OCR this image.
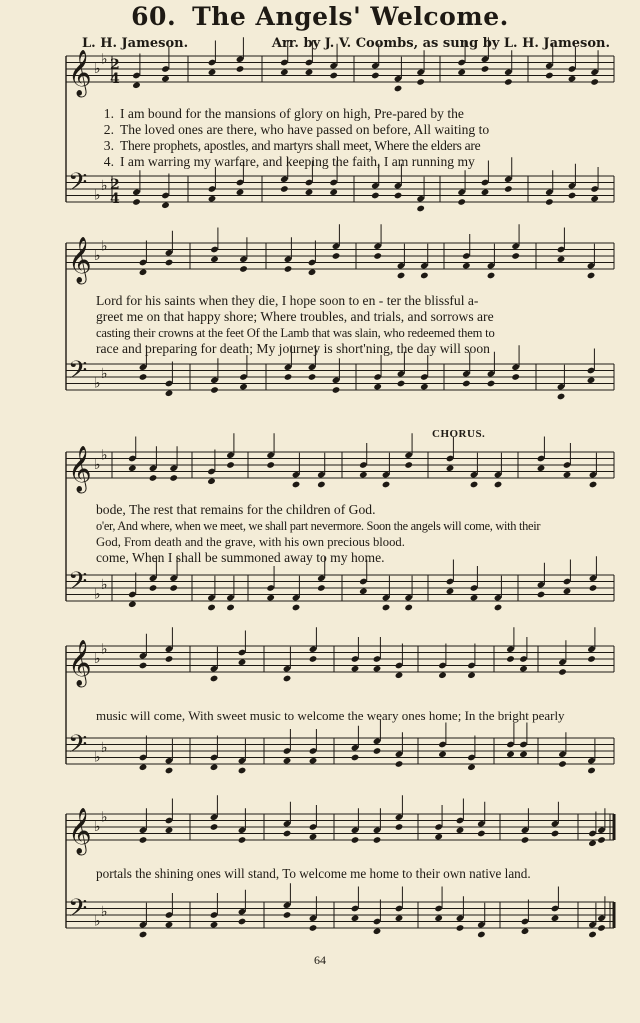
𝄞 ♭
♭ 2
4
𝄢 ♭
♭ 2
4
𝄞 ♭
♭
𝄢 ♭
♭
𝄞 ♭
♭
𝄢 ♭
♭
𝄞 ♭
♭
𝄢 ♭
♭
𝄞 ♭
♭
𝄢 ♭
♭
60. The Angels' Welcome.
L. H. Jameson.	Arr. by J. V. Coombs, as sung by L. H. Jameson.
1. I am bound for the mansions of glory on high, Pre-pared by the
2. The loved ones are there, who have passed on before, All waiting to
3. There prophets, apostles, and martyrs shall meet, Where the elders are
4. I am warring my warfare, and keeping the faith, I am running my
Lord for his saints when they die, I hope soon to en - ter the blissful a-
greet me on that happy shore; Where troubles, and trials, and sorrows are
casting their crowns at the feet Of the Lamb that was slain, who redeemed them to
race and preparing for death; My journey is short'ning, the day will soon
CHORUS.
bode, The rest that remains for the children of God.
o'er, And where, when we meet, we shall part nevermore. Soon the angels will come, with their
God, From death and the grave, with his own precious blood.
come, When I shall be summoned away to my home.
music will come, With sweet music to welcome the weary ones home; In the bright pearly
portals the shining ones will stand, To welcome me home to their own native land.
64
